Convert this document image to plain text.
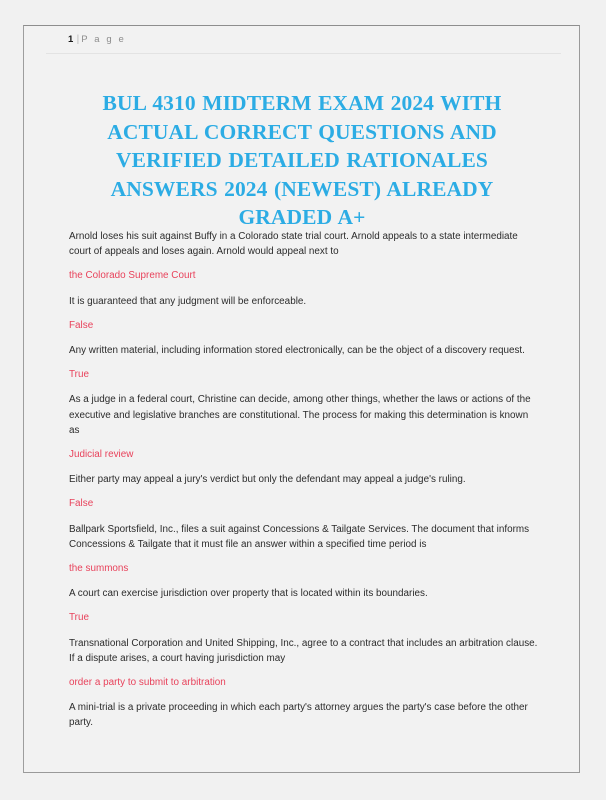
1 | P a g e
BUL 4310 MIDTERM EXAM 2024 WITH ACTUAL CORRECT QUESTIONS AND VERIFIED DETAILED RATIONALES ANSWERS 2024 (NEWEST) ALREADY GRADED A+

Arnold loses his suit against Buffy in a Colorado state trial court. Arnold appeals to a state intermediate court of appeals and loses again. Arnold would appeal next to

the Colorado Supreme Court

It is guaranteed that any judgment will be enforceable.

False

Any written material, including information stored electronically, can be the object of a discovery request.

True

As a judge in a federal court, Christine can decide, among other things, whether the laws or actions of the executive and legislative branches are constitutional. The process for making this determination is known as

Judicial review

Either party may appeal a jury's verdict but only the defendant may appeal a judge's ruling.

False

Ballpark Sportsfield, Inc., files a suit against Concessions & Tailgate Services. The document that informs Concessions & Tailgate that it must file an answer within a specified time period is

the summons

A court can exercise jurisdiction over property that is located within its boundaries.

True

Transnational Corporation and United Shipping, Inc., agree to a contract that includes an arbitration clause. If a dispute arises, a court having jurisdiction may

order a party to submit to arbitration

A mini-trial is a private proceeding in which each party's attorney argues the party's case before the other party.
